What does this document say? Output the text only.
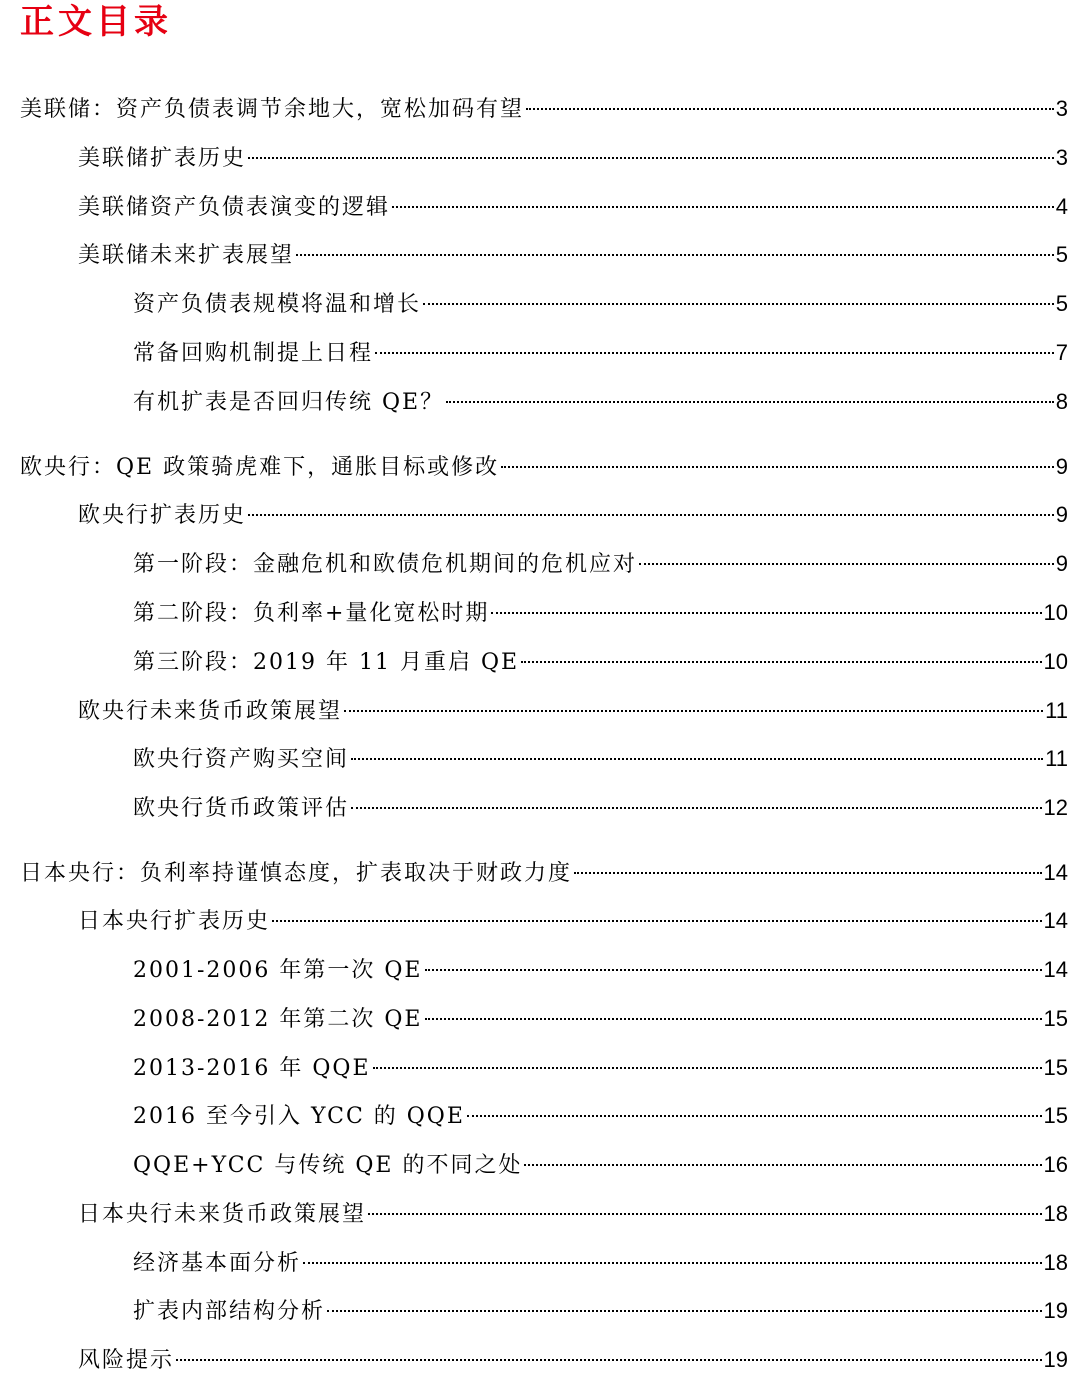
正文目录
美联储：资产负债表调节余地大，宽松加码有望	3
美联储扩表历史	3
美联储资产负债表演变的逻辑	4
美联储未来扩表展望	5
资产负债表规模将温和增长	5
常备回购机制提上日程	7
有机扩表是否回归传统 QE？	8
欧央行：QE 政策骑虎难下，通胀目标或修改	9
欧央行扩表历史	9
第一阶段：金融危机和欧债危机期间的危机应对	9
第二阶段：负利率+量化宽松时期	10
第三阶段：2019 年 11 月重启 QE	10
欧央行未来货币政策展望	11
欧央行资产购买空间	11
欧央行货币政策评估	12
日本央行：负利率持谨慎态度，扩表取决于财政力度	14
日本央行扩表历史	14
2001-2006 年第一次 QE	14
2008-2012 年第二次 QE	15
2013-2016 年 QQE	15
2016 至今引入 YCC 的 QQE	15
QQE+YCC 与传统 QE 的不同之处	16
日本央行未来货币政策展望	18
经济基本面分析	18
扩表内部结构分析	19
风险提示	19
